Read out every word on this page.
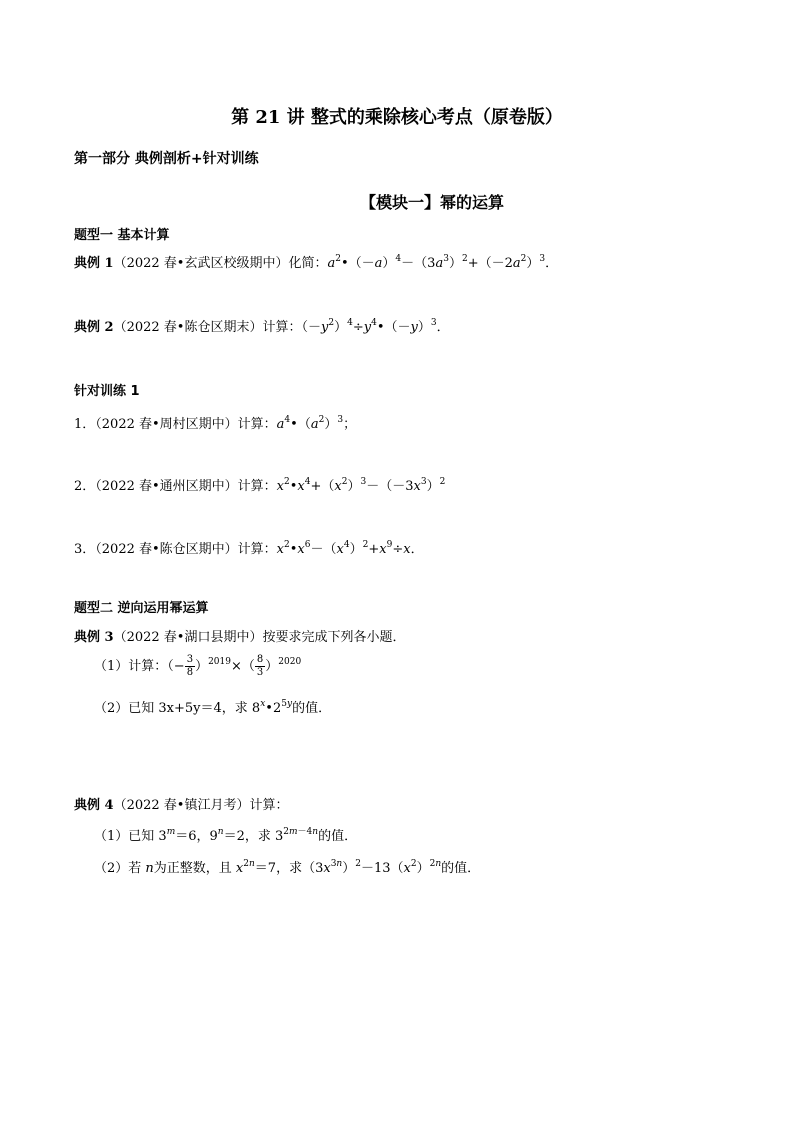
第 21 讲 整式的乘除核心考点（原卷版）
第一部分 典例剖析+针对训练
【模块一】幂的运算
题型一 基本计算
典例 1（2022 春•玄武区校级期中）化简：$a^2•(-a)^4-(3a^3)^2+(-2a^2)^3$．
典例 2（2022 春•陈仓区期末）计算：$(-y^2)^4\div y^4•(-y)^3$．
针对训练 1
1．（2022 春•周村区期中）计算：$a^4•(a^2)^3$；
2．（2022 春•通州区期中）计算：$x^2•x^4+(x^2)^3-(-3x^3)^2$
3．（2022 春•陈仓区期中）计算：$x^2•x^6-(x^4)^2+x^9\div x$．
题型二 逆向运用幂运算
典例 3（2022 春•湖口县期中）按要求完成下列各小题．
（1）计算：（− $\frac{3}{8} )^{2019}\times( \frac{8}{3} )^{2020}$
（2）已知 3x+5y＝4，求 $8^x•2^{5y}$的值．
典例 4（2022 春•镇江月考）计算：
（1）已知 $3^m=6$，$9^n=2$，求 $3^{2m-4n}$的值．
（2）若 n为正整数，且 $x^{2n}=7$，求$(3x^{3n})^2-13(x^2)^{2n}$的值．
